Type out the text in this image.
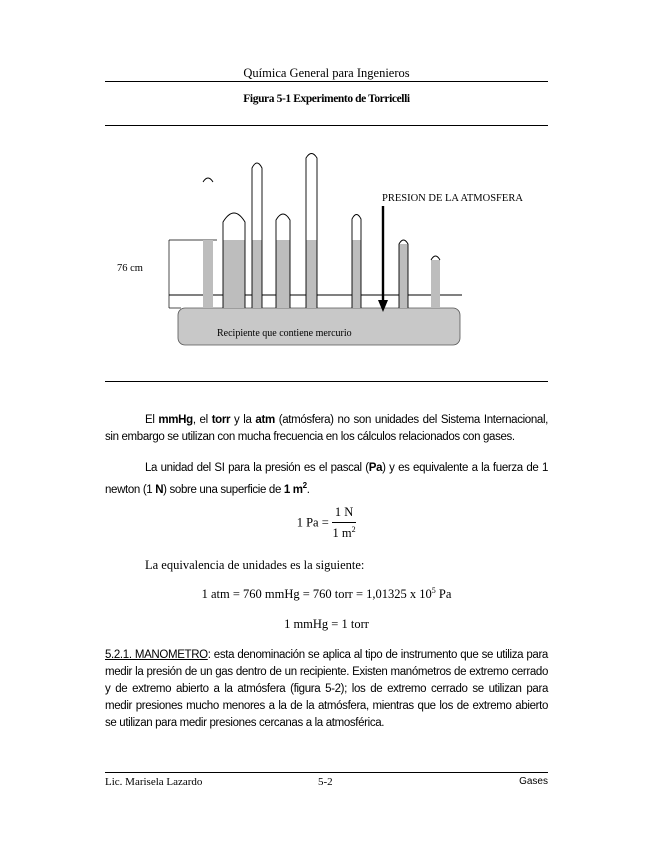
Química General para Ingenieros
Figura 5-1 Experimento de Torricelli
PRESION DE LA ATMOSFERA
76 cm
Recipiente que contiene mercurio
El mmHg, el torr y la atm (atmósfera) no son unidades del Sistema Internacional, sin embargo se utilizan con mucha frecuencia en los cálculos relacionados con gases.
La unidad del SI para la presión es el pascal (Pa) y es equivalente a la fuerza de 1 newton (1 N) sobre una superficie de 1 $m^2$.
1 $Pa = \frac{1 N}{1 m^2}$
La equivalencia de unidades es la siguiente:
1 atm = 760 mmHg = 760 torr = 1,01325 x $10^5$ Pa
1 mmHg = 1 torr
5.2.1. MANOMETRO: esta denominación se aplica al tipo de instrumento que se utiliza para medir la presión de un gas dentro de un recipiente. Existen manómetros de extremo cerrado y de extremo abierto a la atmósfera (figura 5-2); los de extremo cerrado se utilizan para medir presiones mucho menores a la de la atmósfera, mientras que los de extremo abierto se utilizan para medir presiones cercanas a la atmosférica.
Lic. Marisela Lazardo	5-2	Gases
